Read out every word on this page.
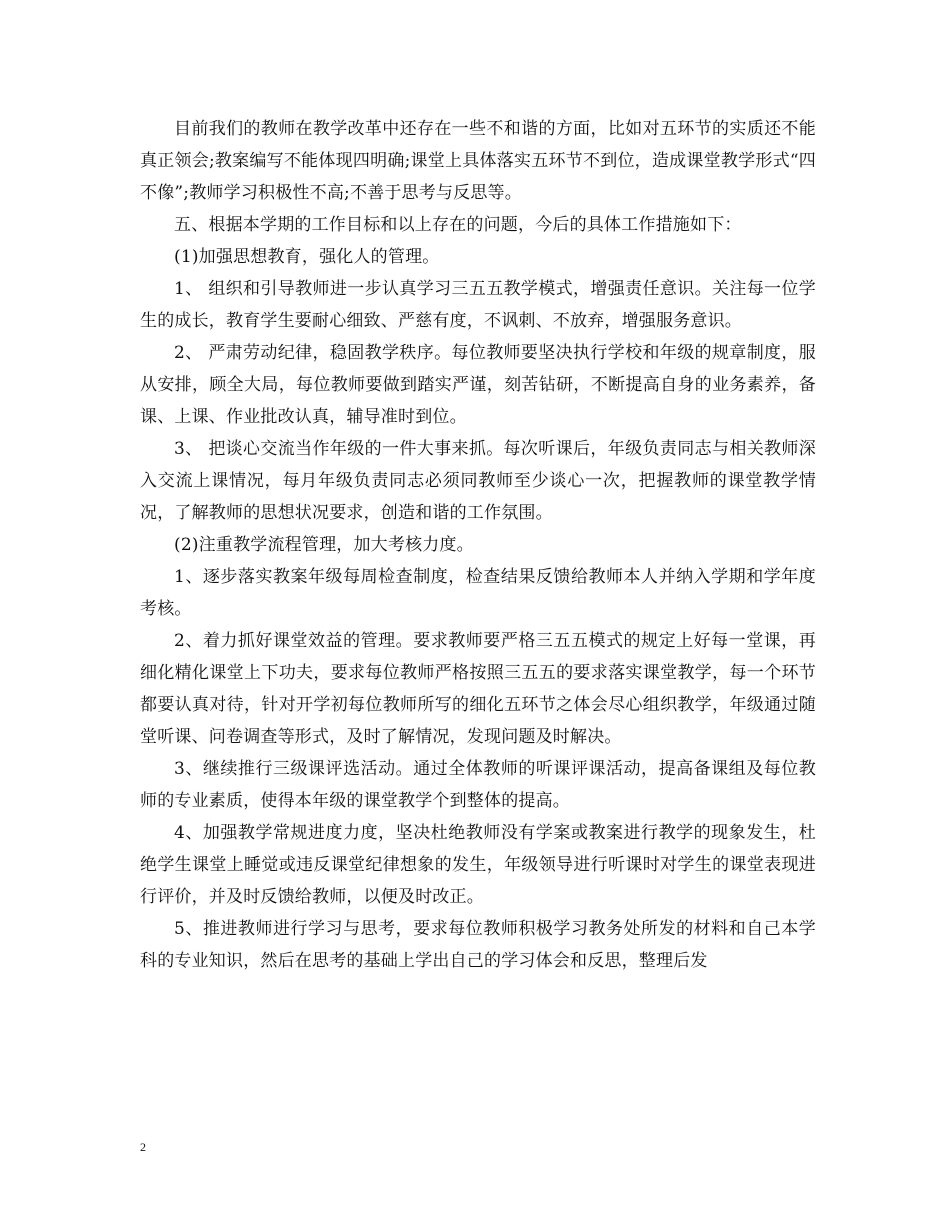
目前我们的教师在教学改革中还存在一些不和谐的方面，比如对五环节的实质还不能真正领会;教案编写不能体现四明确;课堂上具体落实五环节不到位，造成课堂教学形式“四不像”;教师学习积极性不高;不善于思考与反思等。

五、根据本学期的工作目标和以上存在的问题，今后的具体工作措施如下：

(1)加强思想教育，强化人的管理。

1、 组织和引导教师进一步认真学习三五五教学模式，增强责任意识。关注每一位学生的成长，教育学生要耐心细致、严慈有度，不讽刺、不放弃，增强服务意识。

2、 严肃劳动纪律，稳固教学秩序。每位教师要坚决执行学校和年级的规章制度，服从安排，顾全大局，每位教师要做到踏实严谨，刻苦钻研，不断提高自身的业务素养，备课、上课、作业批改认真，辅导准时到位。

3、 把谈心交流当作年级的一件大事来抓。每次听课后，年级负责同志与相关教师深入交流上课情况，每月年级负责同志必须同教师至少谈心一次，把握教师的课堂教学情况，了解教师的思想状况要求，创造和谐的工作氛围。

(2)注重教学流程管理，加大考核力度。

1、逐步落实教案年级每周检查制度，检查结果反馈给教师本人并纳入学期和学年度考核。

2、着力抓好课堂效益的管理。要求教师要严格三五五模式的规定上好每一堂课，再细化精化课堂上下功夫，要求每位教师严格按照三五五的要求落实课堂教学，每一个环节都要认真对待，针对开学初每位教师所写的细化五环节之体会尽心组织教学，年级通过随堂听课、问卷调查等形式，及时了解情况，发现问题及时解决。

3、继续推行三级课评选活动。通过全体教师的听课评课活动，提高备课组及每位教师的专业素质，使得本年级的课堂教学个到整体的提高。

4、加强教学常规进度力度，坚决杜绝教师没有学案或教案进行教学的现象发生，杜绝学生课堂上睡觉或违反课堂纪律想象的发生，年级领导进行听课时对学生的课堂表现进行评价，并及时反馈给教师，以便及时改正。

5、推进教师进行学习与思考，要求每位教师积极学习教务处所发的材料和自己本学科的专业知识，然后在思考的基础上学出自己的学习体会和反思，整理后发

2
